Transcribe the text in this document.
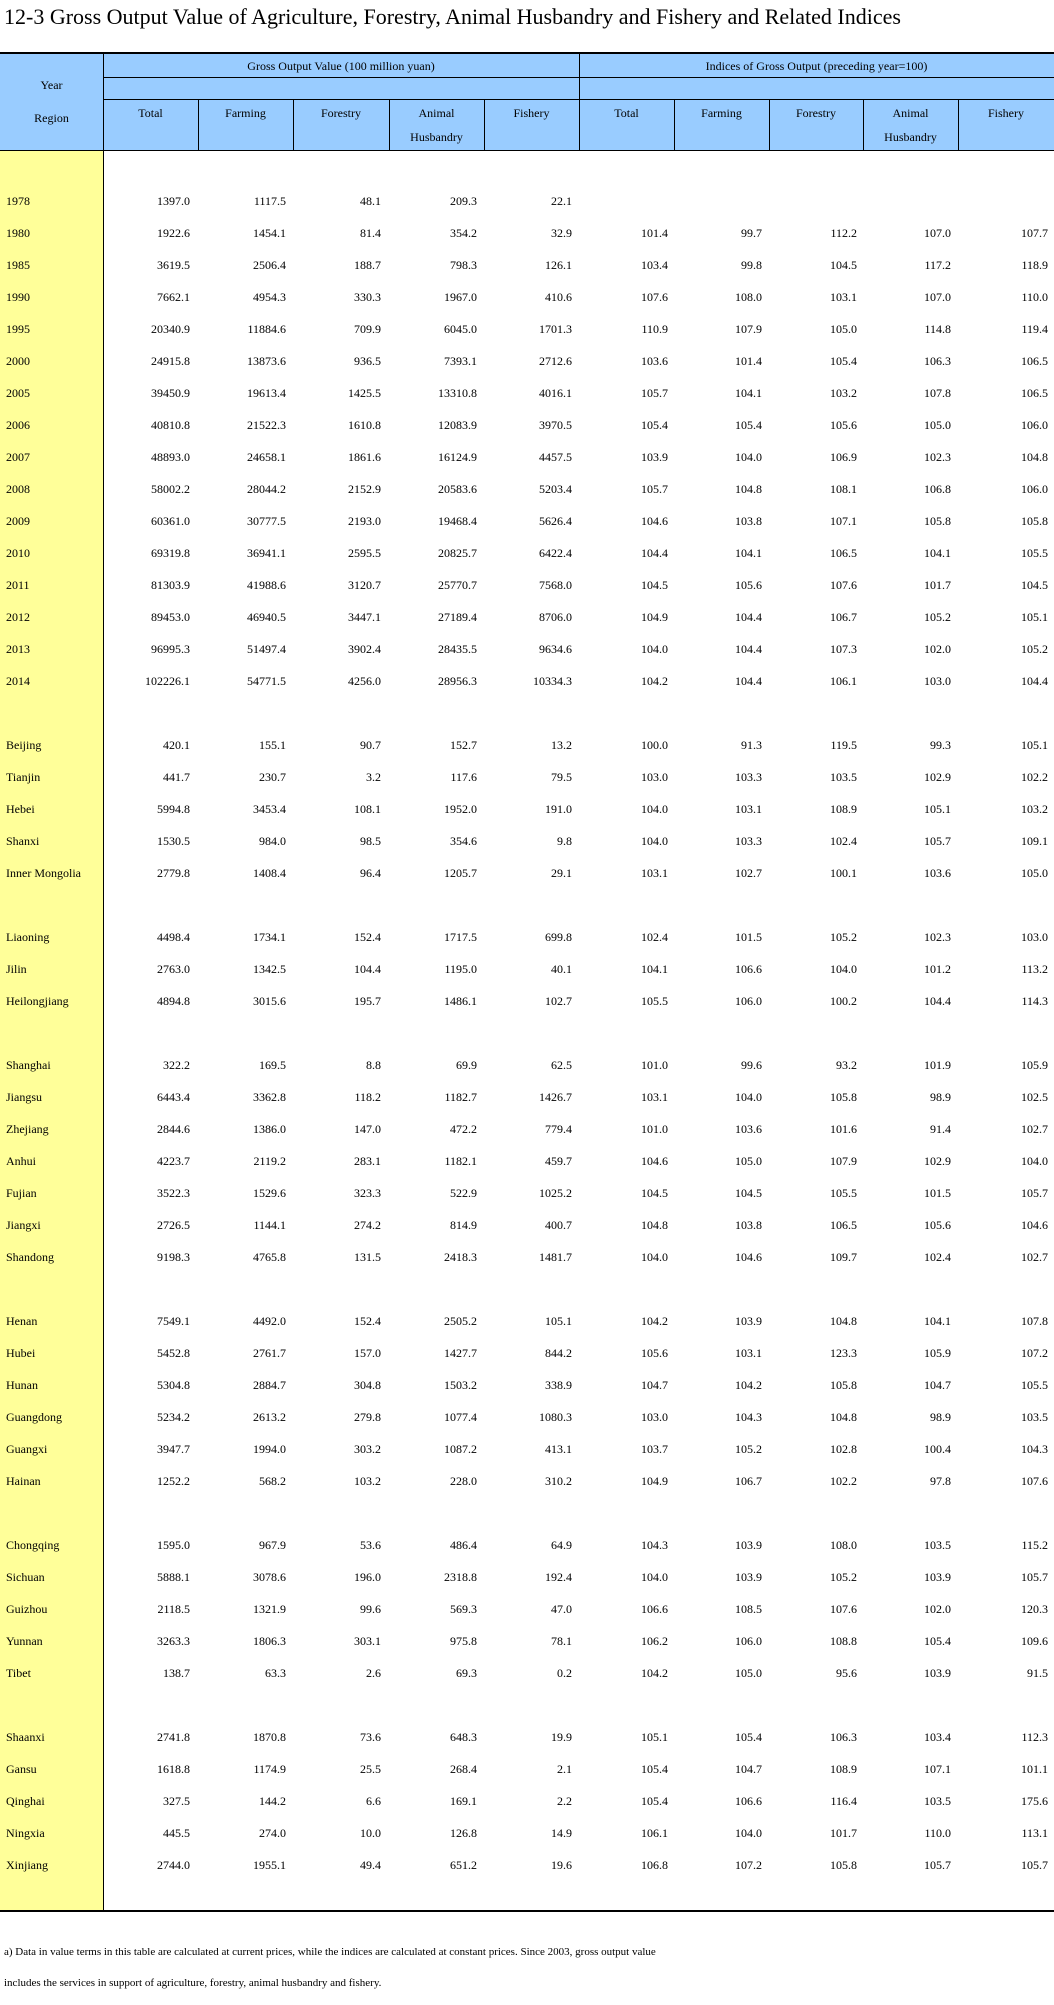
12-3 Gross Output Value of Agriculture, Forestry, Animal Husbandry and Fishery and Related Indices
Year
Region
Gross Output Value (100 million yuan)	Indices of Gross Output (preceding year=100)
Total	Farming	Forestry	Animal
Husbandry
Fishery	Total	Farming	Forestry	Animal
Husbandry
Fishery
1978	1397.0	1117.5	48.1	209.3	22.1
1980	1922.6	1454.1	81.4	354.2	32.9	101.4	99.7	112.2	107.0	107.7
1985	3619.5	2506.4	188.7	798.3	126.1	103.4	99.8	104.5	117.2	118.9
1990	7662.1	4954.3	330.3	1967.0	410.6	107.6	108.0	103.1	107.0	110.0
1995	20340.9	11884.6	709.9	6045.0	1701.3	110.9	107.9	105.0	114.8	119.4
2000	24915.8	13873.6	936.5	7393.1	2712.6	103.6	101.4	105.4	106.3	106.5
2005	39450.9	19613.4	1425.5	13310.8	4016.1	105.7	104.1	103.2	107.8	106.5
2006	40810.8	21522.3	1610.8	12083.9	3970.5	105.4	105.4	105.6	105.0	106.0
2007	48893.0	24658.1	1861.6	16124.9	4457.5	103.9	104.0	106.9	102.3	104.8
2008	58002.2	28044.2	2152.9	20583.6	5203.4	105.7	104.8	108.1	106.8	106.0
2009	60361.0	30777.5	2193.0	19468.4	5626.4	104.6	103.8	107.1	105.8	105.8
2010	69319.8	36941.1	2595.5	20825.7	6422.4	104.4	104.1	106.5	104.1	105.5
2011	81303.9	41988.6	3120.7	25770.7	7568.0	104.5	105.6	107.6	101.7	104.5
2012	89453.0	46940.5	3447.1	27189.4	8706.0	104.9	104.4	106.7	105.2	105.1
2013	96995.3	51497.4	3902.4	28435.5	9634.6	104.0	104.4	107.3	102.0	105.2
2014	102226.1	54771.5	4256.0	28956.3	10334.3	104.2	104.4	106.1	103.0	104.4
Beijing	420.1	155.1	90.7	152.7	13.2	100.0	91.3	119.5	99.3	105.1
Tianjin	441.7	230.7	3.2	117.6	79.5	103.0	103.3	103.5	102.9	102.2
Hebei	5994.8	3453.4	108.1	1952.0	191.0	104.0	103.1	108.9	105.1	103.2
Shanxi	1530.5	984.0	98.5	354.6	9.8	104.0	103.3	102.4	105.7	109.1
Inner Mongolia	2779.8	1408.4	96.4	1205.7	29.1	103.1	102.7	100.1	103.6	105.0
Liaoning	4498.4	1734.1	152.4	1717.5	699.8	102.4	101.5	105.2	102.3	103.0
Jilin	2763.0	1342.5	104.4	1195.0	40.1	104.1	106.6	104.0	101.2	113.2
Heilongjiang	4894.8	3015.6	195.7	1486.1	102.7	105.5	106.0	100.2	104.4	114.3
Shanghai	322.2	169.5	8.8	69.9	62.5	101.0	99.6	93.2	101.9	105.9
Jiangsu	6443.4	3362.8	118.2	1182.7	1426.7	103.1	104.0	105.8	98.9	102.5
Zhejiang	2844.6	1386.0	147.0	472.2	779.4	101.0	103.6	101.6	91.4	102.7
Anhui	4223.7	2119.2	283.1	1182.1	459.7	104.6	105.0	107.9	102.9	104.0
Fujian	3522.3	1529.6	323.3	522.9	1025.2	104.5	104.5	105.5	101.5	105.7
Jiangxi	2726.5	1144.1	274.2	814.9	400.7	104.8	103.8	106.5	105.6	104.6
Shandong	9198.3	4765.8	131.5	2418.3	1481.7	104.0	104.6	109.7	102.4	102.7
Henan	7549.1	4492.0	152.4	2505.2	105.1	104.2	103.9	104.8	104.1	107.8
Hubei	5452.8	2761.7	157.0	1427.7	844.2	105.6	103.1	123.3	105.9	107.2
Hunan	5304.8	2884.7	304.8	1503.2	338.9	104.7	104.2	105.8	104.7	105.5
Guangdong	5234.2	2613.2	279.8	1077.4	1080.3	103.0	104.3	104.8	98.9	103.5
Guangxi	3947.7	1994.0	303.2	1087.2	413.1	103.7	105.2	102.8	100.4	104.3
Hainan	1252.2	568.2	103.2	228.0	310.2	104.9	106.7	102.2	97.8	107.6
Chongqing	1595.0	967.9	53.6	486.4	64.9	104.3	103.9	108.0	103.5	115.2
Sichuan	5888.1	3078.6	196.0	2318.8	192.4	104.0	103.9	105.2	103.9	105.7
Guizhou	2118.5	1321.9	99.6	569.3	47.0	106.6	108.5	107.6	102.0	120.3
Yunnan	3263.3	1806.3	303.1	975.8	78.1	106.2	106.0	108.8	105.4	109.6
Tibet	138.7	63.3	2.6	69.3	0.2	104.2	105.0	95.6	103.9	91.5
Shaanxi	2741.8	1870.8	73.6	648.3	19.9	105.1	105.4	106.3	103.4	112.3
Gansu	1618.8	1174.9	25.5	268.4	2.1	105.4	104.7	108.9	107.1	101.1
Qinghai	327.5	144.2	6.6	169.1	2.2	105.4	106.6	116.4	103.5	175.6
Ningxia	445.5	274.0	10.0	126.8	14.9	106.1	104.0	101.7	110.0	113.1
Xinjiang	2744.0	1955.1	49.4	651.2	19.6	106.8	107.2	105.8	105.7	105.7
a) Data in value terms in this table are calculated at current prices, while the indices are calculated at constant prices. Since 2003, gross output value
includes the services in support of agriculture, forestry, animal husbandry and fishery.
